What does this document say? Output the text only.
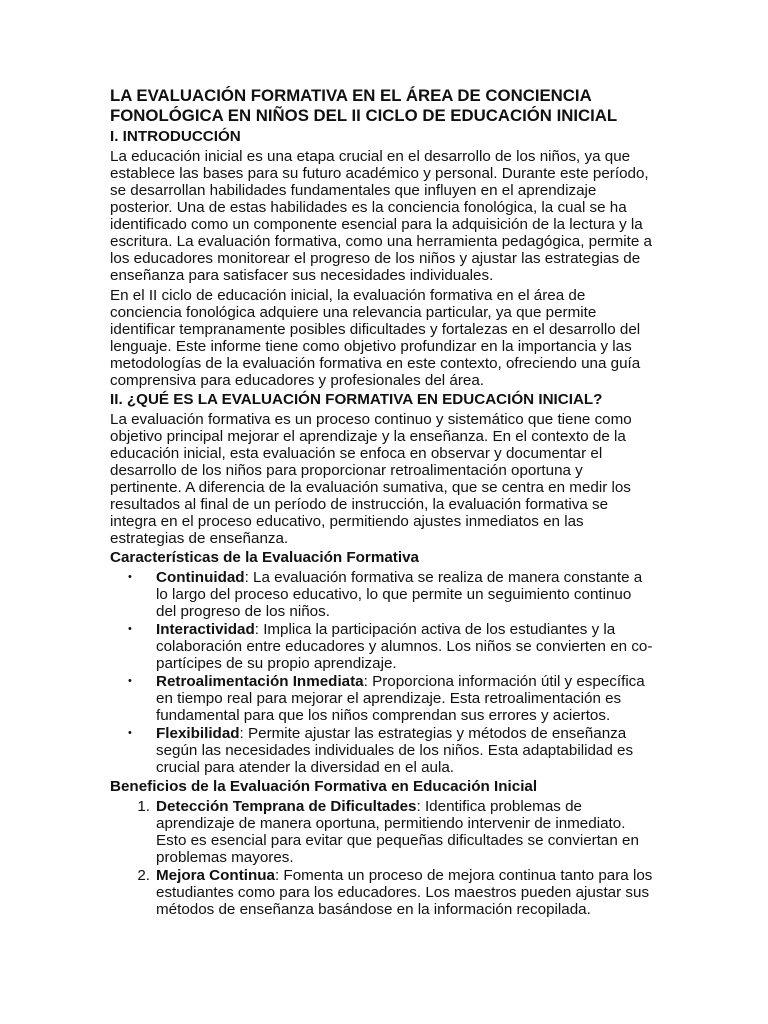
LA EVALUACIÓN FORMATIVA EN EL ÁREA DE CONCIENCIA FONOLÓGICA EN NIÑOS DEL II CICLO DE EDUCACIÓN INICIAL
I. INTRODUCCIÓN

La educación inicial es una etapa crucial en el desarrollo de los niños, ya que establece las bases para su futuro académico y personal. Durante este período, se desarrollan habilidades fundamentales que influyen en el aprendizaje posterior. Una de estas habilidades es la conciencia fonológica, la cual se ha identificado como un componente esencial para la adquisición de la lectura y la escritura. La evaluación formativa, como una herramienta pedagógica, permite a los educadores monitorear el progreso de los niños y ajustar las estrategias de enseñanza para satisfacer sus necesidades individuales.

En el II ciclo de educación inicial, la evaluación formativa en el área de conciencia fonológica adquiere una relevancia particular, ya que permite identificar tempranamente posibles dificultades y fortalezas en el desarrollo del lenguaje. Este informe tiene como objetivo profundizar en la importancia y las metodologías de la evaluación formativa en este contexto, ofreciendo una guía comprensiva para educadores y profesionales del área.

II. ¿QUÉ ES LA EVALUACIÓN FORMATIVA EN EDUCACIÓN INICIAL?

La evaluación formativa es un proceso continuo y sistemático que tiene como objetivo principal mejorar el aprendizaje y la enseñanza. En el contexto de la educación inicial, esta evaluación se enfoca en observar y documentar el desarrollo de los niños para proporcionar retroalimentación oportuna y pertinente. A diferencia de la evaluación sumativa, que se centra en medir los resultados al final de un período de instrucción, la evaluación formativa se integra en el proceso educativo, permitiendo ajustes inmediatos en las estrategias de enseñanza.

Características de la Evaluación Formativa
• Continuidad: La evaluación formativa se realiza de manera constante a lo largo del proceso educativo, lo que permite un seguimiento continuo del progreso de los niños.
• Interactividad: Implica la participación activa de los estudiantes y la colaboración entre educadores y alumnos. Los niños se convierten en co-partícipes de su propio aprendizaje.
• Retroalimentación Inmediata: Proporciona información útil y específica en tiempo real para mejorar el aprendizaje. Esta retroalimentación es fundamental para que los niños comprendan sus errores y aciertos.
• Flexibilidad: Permite ajustar las estrategias y métodos de enseñanza según las necesidades individuales de los niños. Esta adaptabilidad es crucial para atender la diversidad en el aula.
Beneficios de la Evaluación Formativa en Educación Inicial
1. Detección Temprana de Dificultades: Identifica problemas de aprendizaje de manera oportuna, permitiendo intervenir de inmediato. Esto es esencial para evitar que pequeñas dificultades se conviertan en problemas mayores.
2. Mejora Continua: Fomenta un proceso de mejora continua tanto para los estudiantes como para los educadores. Los maestros pueden ajustar sus métodos de enseñanza basándose en la información recopilada.
